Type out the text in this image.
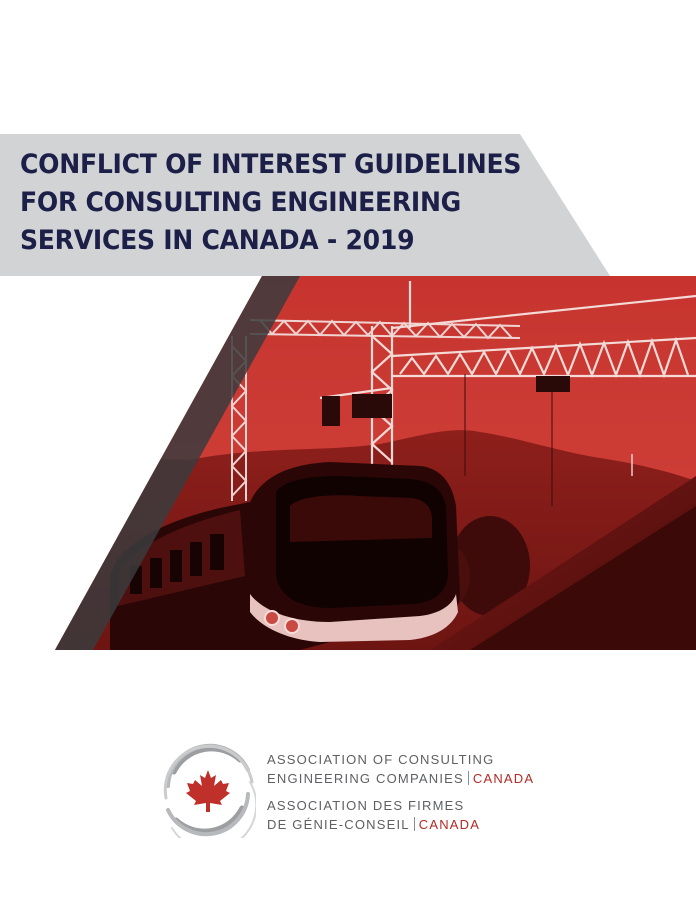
CONFLICT OF INTEREST GUIDELINES
FOR CONSULTING ENGINEERING
SERVICES IN CANADA - 2019
ASSOCIATION OF CONSULTING
ENGINEERING COMPANIES CANADA
ASSOCIATION DES FIRMES
DE GÉNIE-CONSEIL CANADA
